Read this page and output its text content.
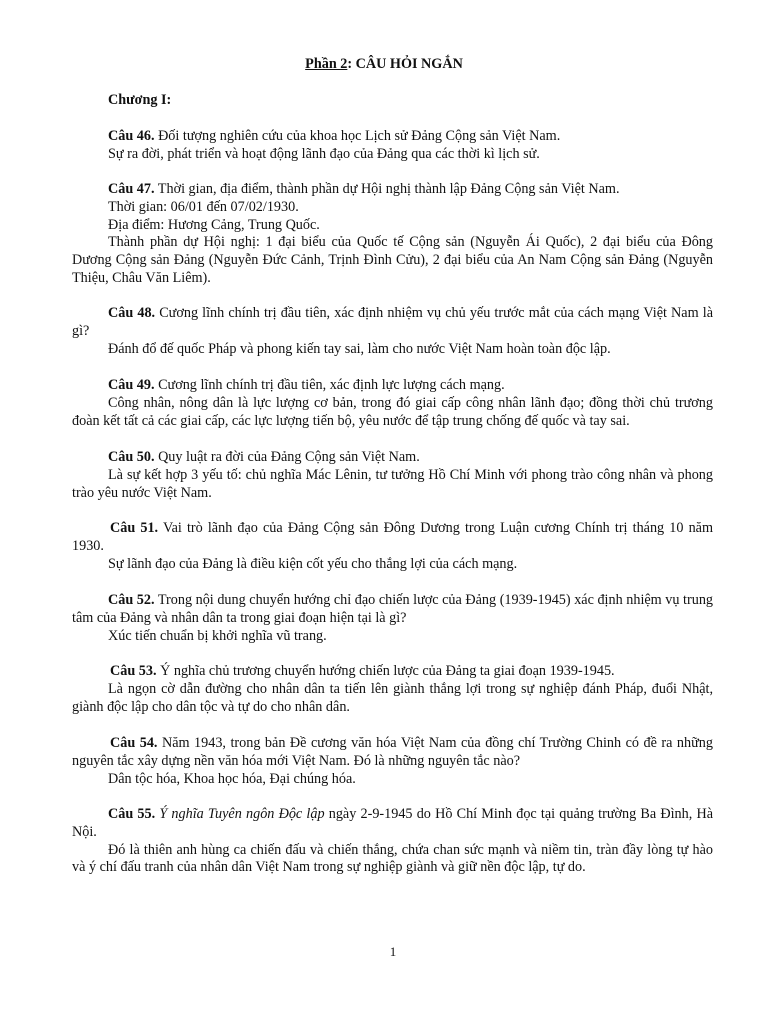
Phần 2: CÂU HỎI NGẮN
Chương I:

Câu 46. Đối tượng nghiên cứu của khoa học Lịch sử Đảng Cộng sản Việt Nam.

Sự ra đời, phát triển và hoạt động lãnh đạo của Đảng qua các thời kì lịch sử.

Câu 47. Thời gian, địa điểm, thành phần dự Hội nghị thành lập Đảng Cộng sản Việt Nam.

Thời gian: 06/01 đến 07/02/1930.

Địa điểm: Hương Cảng, Trung Quốc.

Thành phần dự Hội nghị: 1 đại biểu của Quốc tế Cộng sản (Nguyễn Ái Quốc), 2 đại biểu của Đông Dương Cộng sản Đảng (Nguyễn Đức Cảnh, Trịnh Đình Cửu), 2 đại biểu của An Nam Cộng sản Đảng (Nguyễn Thiệu, Châu Văn Liêm).

Câu 48. Cương lĩnh chính trị đầu tiên, xác định nhiệm vụ chủ yếu trước mắt của cách mạng Việt Nam là gì?

Đánh đổ đế quốc Pháp và phong kiến tay sai, làm cho nước Việt Nam hoàn toàn độc lập.

Câu 49. Cương lĩnh chính trị đầu tiên, xác định lực lượng cách mạng.

Công nhân, nông dân là lực lượng cơ bản, trong đó giai cấp công nhân lãnh đạo; đồng thời chủ trương đoàn kết tất cả các giai cấp, các lực lượng tiến bộ, yêu nước để tập trung chống đế quốc và tay sai.

Câu 50. Quy luật ra đời của Đảng Cộng sản Việt Nam.

Là sự kết hợp 3 yếu tố: chủ nghĩa Mác Lênin, tư tưởng Hồ Chí Minh với phong trào công nhân và phong trào yêu nước Việt Nam.

Câu 51. Vai trò lãnh đạo của Đảng Cộng sản Đông Dương trong Luận cương Chính trị tháng 10 năm 1930.

Sự lãnh đạo của Đảng là điều kiện cốt yếu cho thắng lợi của cách mạng.

Câu 52. Trong nội dung chuyển hướng chỉ đạo chiến lược của Đảng (1939-1945) xác định nhiệm vụ trung tâm của Đảng và nhân dân ta trong giai đoạn hiện tại là gì?

Xúc tiến chuẩn bị khởi nghĩa vũ trang.

Câu 53. Ý nghĩa chủ trương chuyển hướng chiến lược của Đảng ta giai đoạn 1939-1945.

Là ngọn cờ dẫn đường cho nhân dân ta tiến lên giành thắng lợi trong sự nghiệp đánh Pháp, đuổi Nhật, giành độc lập cho dân tộc và tự do cho nhân dân.

Câu 54. Năm 1943, trong bản Đề cương văn hóa Việt Nam của đồng chí Trường Chinh có đề ra những nguyên tắc xây dựng nền văn hóa mới Việt Nam. Đó là những nguyên tắc nào?

Dân tộc hóa, Khoa học hóa, Đại chúng hóa.

Câu 55. Ý nghĩa Tuyên ngôn Độc lập ngày 2-9-1945 do Hồ Chí Minh đọc tại quảng trường Ba Đình, Hà Nội.

Đó là thiên anh hùng ca chiến đấu và chiến thắng, chứa chan sức mạnh và niềm tin, tràn đầy lòng tự hào và ý chí đấu tranh của nhân dân Việt Nam trong sự nghiệp giành và giữ nền độc lập, tự do.

1
